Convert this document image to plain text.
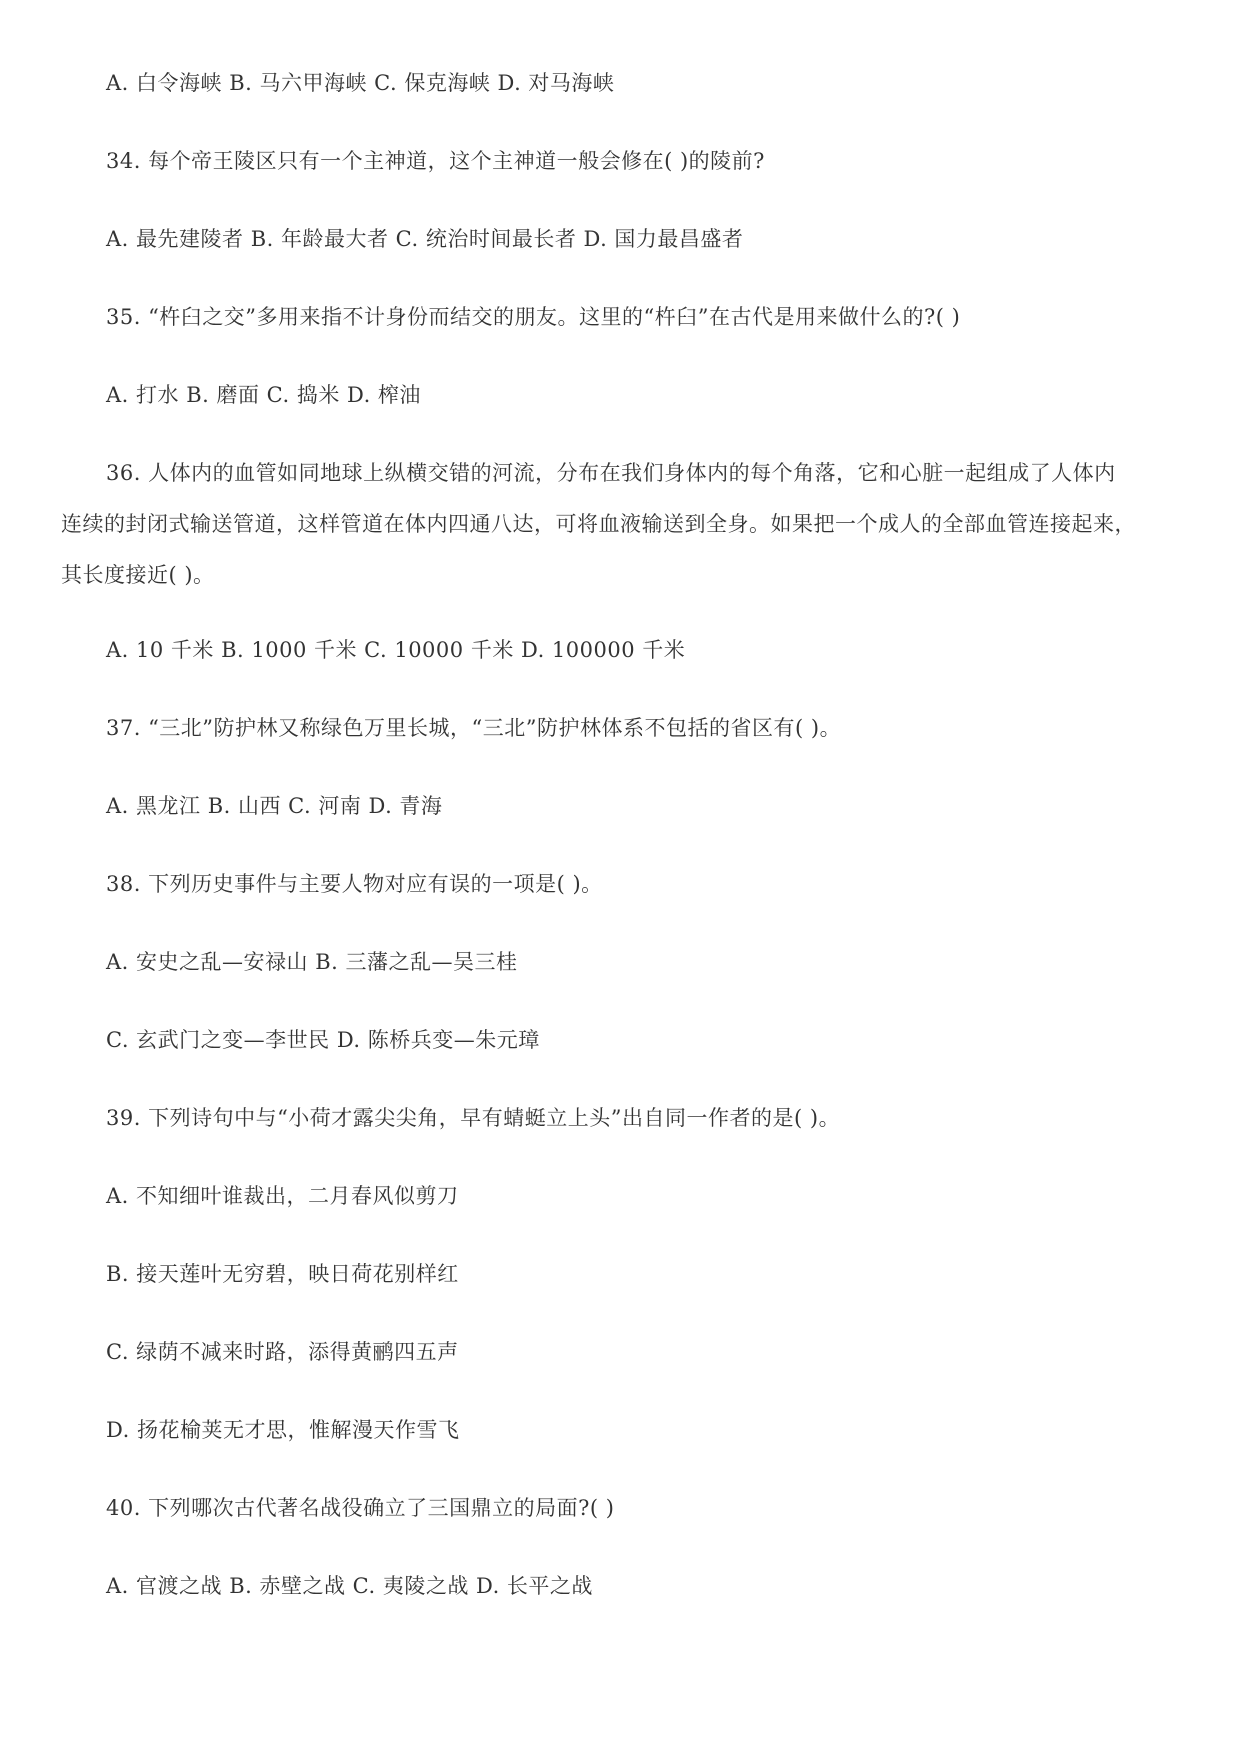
A. 白令海峡 B. 马六甲海峡 C. 保克海峡 D. 对马海峡
34. 每个帝王陵区只有一个主神道，这个主神道一般会修在( )的陵前?
A. 最先建陵者 B. 年龄最大者 C. 统治时间最长者 D. 国力最昌盛者
35. “杵臼之交”多用来指不计身份而结交的朋友。这里的“杵臼”在古代是用来做什么的?( )
A. 打水 B. 磨面 C. 捣米 D. 榨油
36. 人体内的血管如同地球上纵横交错的河流，分布在我们身体内的每个角落，它和心脏一起组成了人体内
连续的封闭式输送管道，这样管道在体内四通八达，可将血液输送到全身。如果把一个成人的全部血管连接起来，
其长度接近( )。
A. 10 千米 B. 1000 千米 C. 10000 千米 D. 100000 千米
37. “三北”防护林又称绿色万里长城，“三北”防护林体系不包括的省区有( )。
A. 黑龙江 B. 山西 C. 河南 D. 青海
38. 下列历史事件与主要人物对应有误的一项是( )。
A. 安史之乱—安禄山 B. 三藩之乱—吴三桂
C. 玄武门之变—李世民 D. 陈桥兵变—朱元璋
39. 下列诗句中与“小荷才露尖尖角，早有蜻蜓立上头”出自同一作者的是( )。
A. 不知细叶谁裁出，二月春风似剪刀
B. 接天莲叶无穷碧，映日荷花别样红
C. 绿荫不减来时路，添得黄鹂四五声
D. 扬花榆荚无才思，惟解漫天作雪飞
40. 下列哪次古代著名战役确立了三国鼎立的局面?( )
A. 官渡之战 B. 赤壁之战 C. 夷陵之战 D. 长平之战
